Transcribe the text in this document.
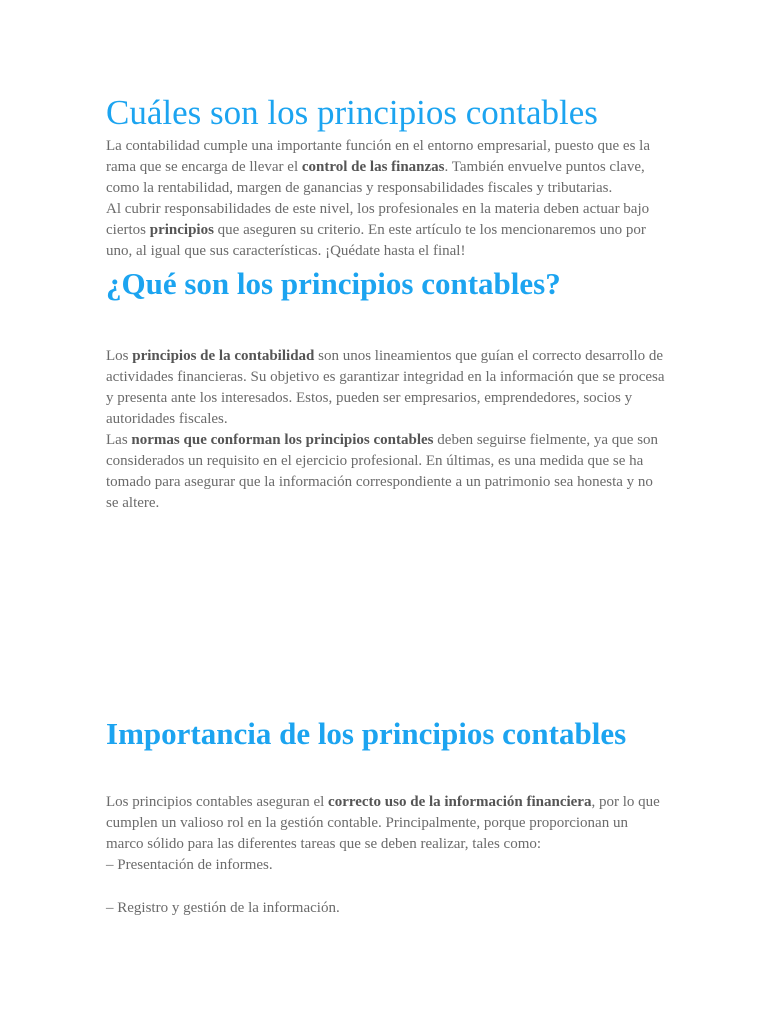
Cuáles son los principios contables

La contabilidad cumple una importante función en el entorno empresarial, puesto que es la rama que se encarga de llevar el control de las finanzas. También envuelve puntos clave, como la rentabilidad, margen de ganancias y responsabilidades fiscales y tributarias.

Al cubrir responsabilidades de este nivel, los profesionales en la materia deben actuar bajo ciertos principios que aseguren su criterio. En este artículo te los mencionaremos uno por uno, al igual que sus características. ¡Quédate hasta el final!

¿Qué son los principios contables?

Los principios de la contabilidad son unos lineamientos que guían el correcto desarrollo de actividades financieras. Su objetivo es garantizar integridad en la información que se procesa y presenta ante los interesados. Estos, pueden ser empresarios, emprendedores, socios y autoridades fiscales.

Las normas que conforman los principios contables deben seguirse fielmente, ya que son considerados un requisito en el ejercicio profesional. En últimas, es una medida que se ha tomado para asegurar que la información correspondiente a un patrimonio sea honesta y no se altere.

Importancia de los principios contables

Los principios contables aseguran el correcto uso de la información financiera, por lo que cumplen un valioso rol en la gestión contable. Principalmente, porque proporcionan un marco sólido para las diferentes tareas que se deben realizar, tales como:

– Presentación de informes.

– Registro y gestión de la información.
